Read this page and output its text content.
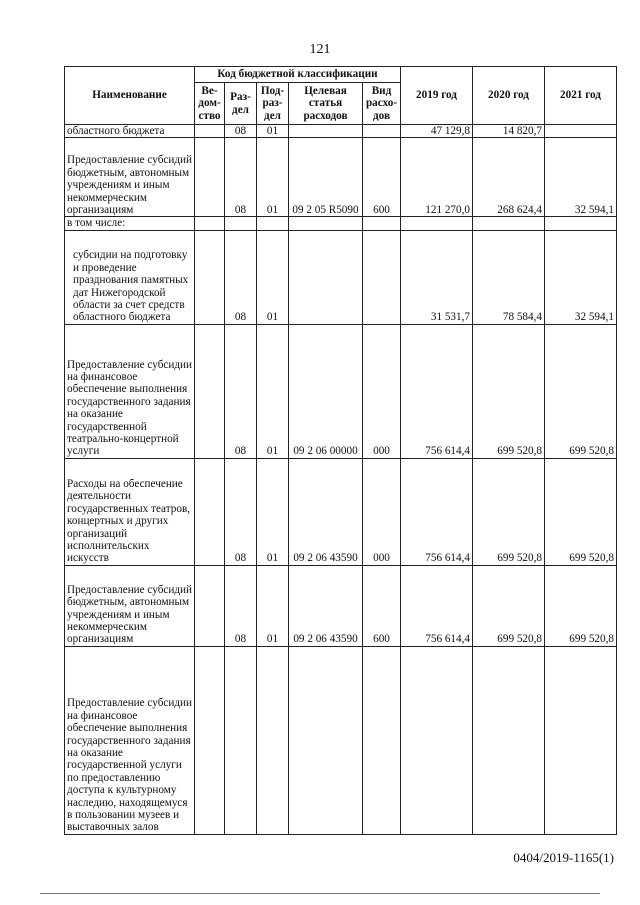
121
Наименование	Код бюджетной классификации					2019 год	2020 год	2021 год
	Ве-дом-ство	Раз-дел	Под-раз-дел	Целевая статья расходов	Вид расхо-дов			
областного бюджета		08	01			47 129,8	14 820,7	
Предоставление субсидий бюджетным, автономным учреждениям и иным некоммерческим организациям		08	01	09 2 05 R5090	600	121 270,0	268 624,4	32 594,1
в том числе:								
субсидии на подготовку и проведение празднования памятных дат Нижегородской области за счет средств областного бюджета		08	01			31 531,7	78 584,4	32 594,1
Предоставление субсидии на финансовое обеспечение выполнения государственного задания на оказание государственной театрально-концертной услуги		08	01	09 2 06 00000	000	756 614,4	699 520,8	699 520,8
Расходы на обеспечение деятельности государственных театров, концертных и других организаций исполнительских искусств		08	01	09 2 06 43590	000	756 614,4	699 520,8	699 520,8
Предоставление субсидий бюджетным, автономным учреждениям и иным некоммерческим организациям		08	01	09 2 06 43590	600	756 614,4	699 520,8	699 520,8
Предоставление субсидии на финансовое обеспечение выполнения государственного задания на оказание государственной услуги по предоставлению доступа к культурному наследию, находящемуся в пользовании музеев и выставочных залов								
0404/2019-1165(1)
